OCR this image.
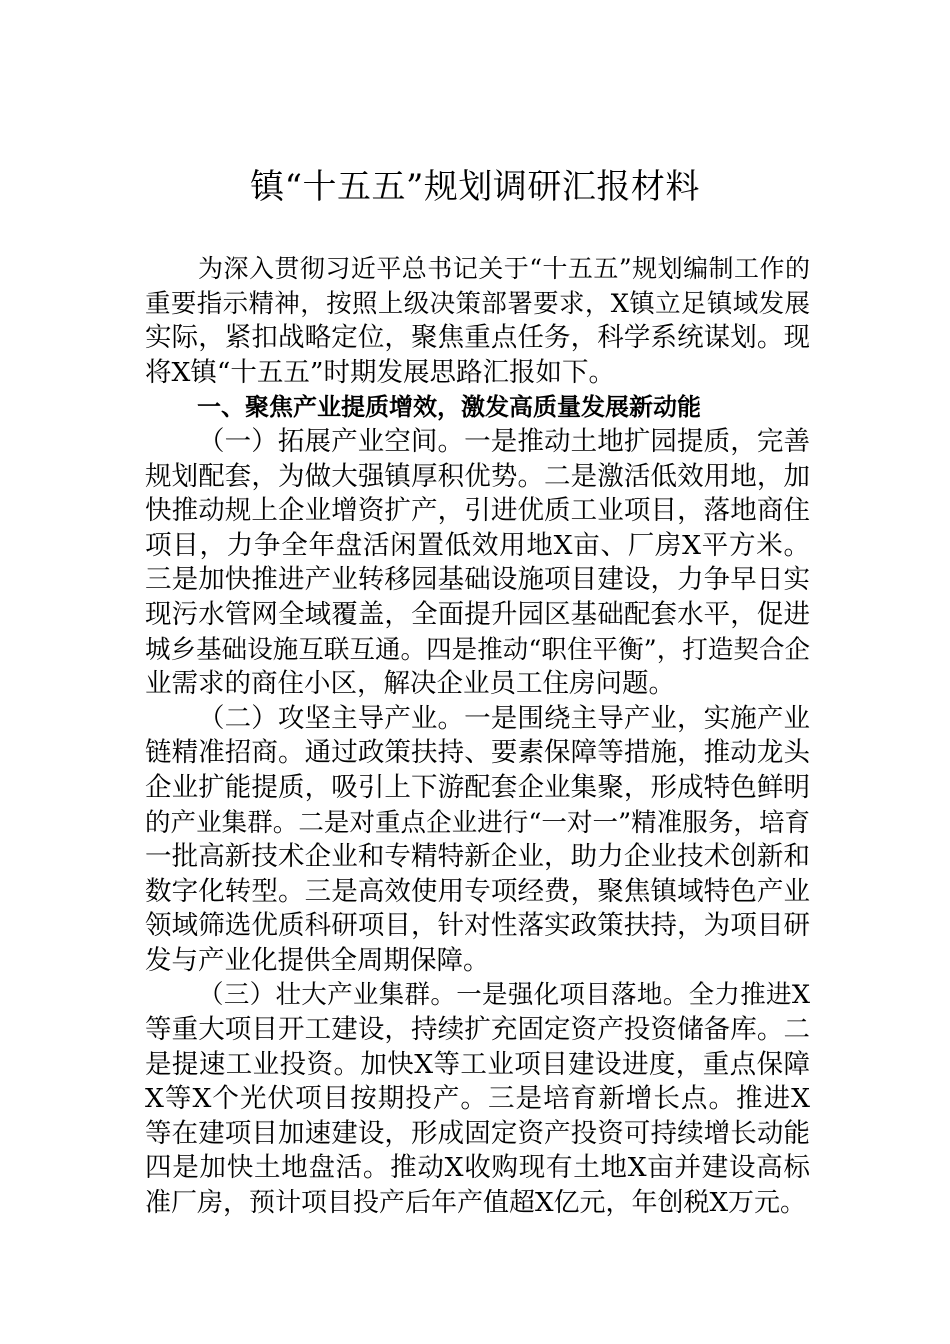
镇“十五五”规划调研汇报材料
为深入贯彻习近平总书记关于“十五五”规划编制工作的
重要指示精神，按照上级决策部署要求，X镇立足镇域发展
实际，紧扣战略定位，聚焦重点任务，科学系统谋划。现
将X镇“十五五”时期发展思路汇报如下。
一、聚焦产业提质增效，激发高质量发展新动能
（一）拓展产业空间。一是推动土地扩园提质，完善
规划配套，为做大强镇厚积优势。二是激活低效用地，加
快推动规上企业增资扩产，引进优质工业项目，落地商住
项目，力争全年盘活闲置低效用地X亩、厂房X平方米。
三是加快推进产业转移园基础设施项目建设，力争早日实
现污水管网全域覆盖，全面提升园区基础配套水平，促进
城乡基础设施互联互通。四是推动“职住平衡”，打造契合企
业需求的商住小区，解决企业员工住房问题。
（二）攻坚主导产业。一是围绕主导产业，实施产业
链精准招商。通过政策扶持、要素保障等措施，推动龙头
企业扩能提质，吸引上下游配套企业集聚，形成特色鲜明
的产业集群。二是对重点企业进行“一对一”精准服务，培育
一批高新技术企业和专精特新企业，助力企业技术创新和
数字化转型。三是高效使用专项经费，聚焦镇域特色产业
领域筛选优质科研项目，针对性落实政策扶持，为项目研
发与产业化提供全周期保障。
（三）壮大产业集群。一是强化项目落地。全力推进X
等重大项目开工建设，持续扩充固定资产投资储备库。二
是提速工业投资。加快X等工业项目建设进度，重点保障
X等X个光伏项目按期投产。三是培育新增长点。推进X
等在建项目加速建设，形成固定资产投资可持续增长动能
四是加快土地盘活。推动X收购现有土地X亩并建设高标
准厂房，预计项目投产后年产值超X亿元，年创税X万元。
